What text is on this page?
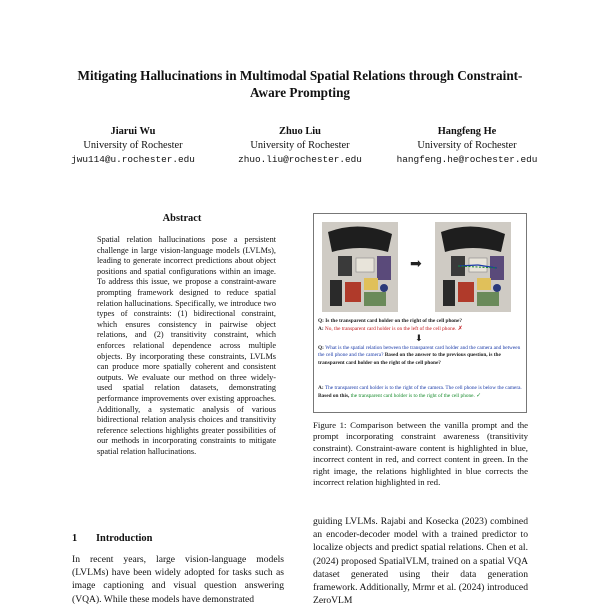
Mitigating Hallucinations in Multimodal Spatial Relations through Constraint-Aware Prompting
Jiarui Wu
University of Rochester
jwu114@u.rochester.edu
Zhuo Liu
University of Rochester
zhuo.liu@rochester.edu
Hangfeng He
University of Rochester
hangfeng.he@rochester.edu
Abstract
Spatial relation hallucinations pose a persistent challenge in large vision-language models (LVLMs), leading to generate incorrect predictions about object positions and spatial configurations within an image. To address this issue, we propose a constraint-aware prompting framework designed to reduce spatial relation hallucinations. Specifically, we introduce two types of constraints: (1) bidirectional constraint, which ensures consistency in pairwise object relations, and (2) transitivity constraint, which enforces relational dependence across multiple objects. By incorporating these constraints, LVLMs can produce more spatially coherent and consistent outputs. We evaluate our method on three widely-used spatial relation datasets, demonstrating performance improvements over existing approaches. Additionally, a systematic analysis of various bidirectional relation analysis choices and transitivity reference selections highlights greater possibilities of our methods in incorporating constraints to mitigate spatial relation hallucinations.
1 Introduction
In recent years, large vision-language models (LVLMs) have been widely adopted for tasks such as image captioning and visual question answering (VQA). While these models have demonstrated
➡
Q: Is the transparent card holder on the right of the cell phone?
A: No, the transparent card holder is on the left of the cell phone. ✗
⬇
Q: What is the spatial relation between the transparent card holder and the camera and between the cell phone and the camera? Based on the answer to the previous question, is the transparent card holder on the right of the cell phone?
A: The transparent card holder is to the right of the camera. The cell phone is below the camera. Based on this, the transparent card holder is to the right of the cell phone. ✓
Figure 1: Comparison between the vanilla prompt and the prompt incorporating constraint awareness (transitivity constraint). Constraint-aware content is highlighted in blue, incorrect content in red, and correct content in green. In the right image, the relations highlighted in blue corrects the incorrect relation highlighted in red.
guiding LVLMs. Rajabi and Kosecka (2023) combined an encoder-decoder model with a trained predictor to localize objects and predict spatial relations. Chen et al. (2024) proposed SpatialVLM, trained on a spatial VQA dataset generated using their data generation framework. Additionally, Mrmr et al. (2024) introduced ZeroVLM
